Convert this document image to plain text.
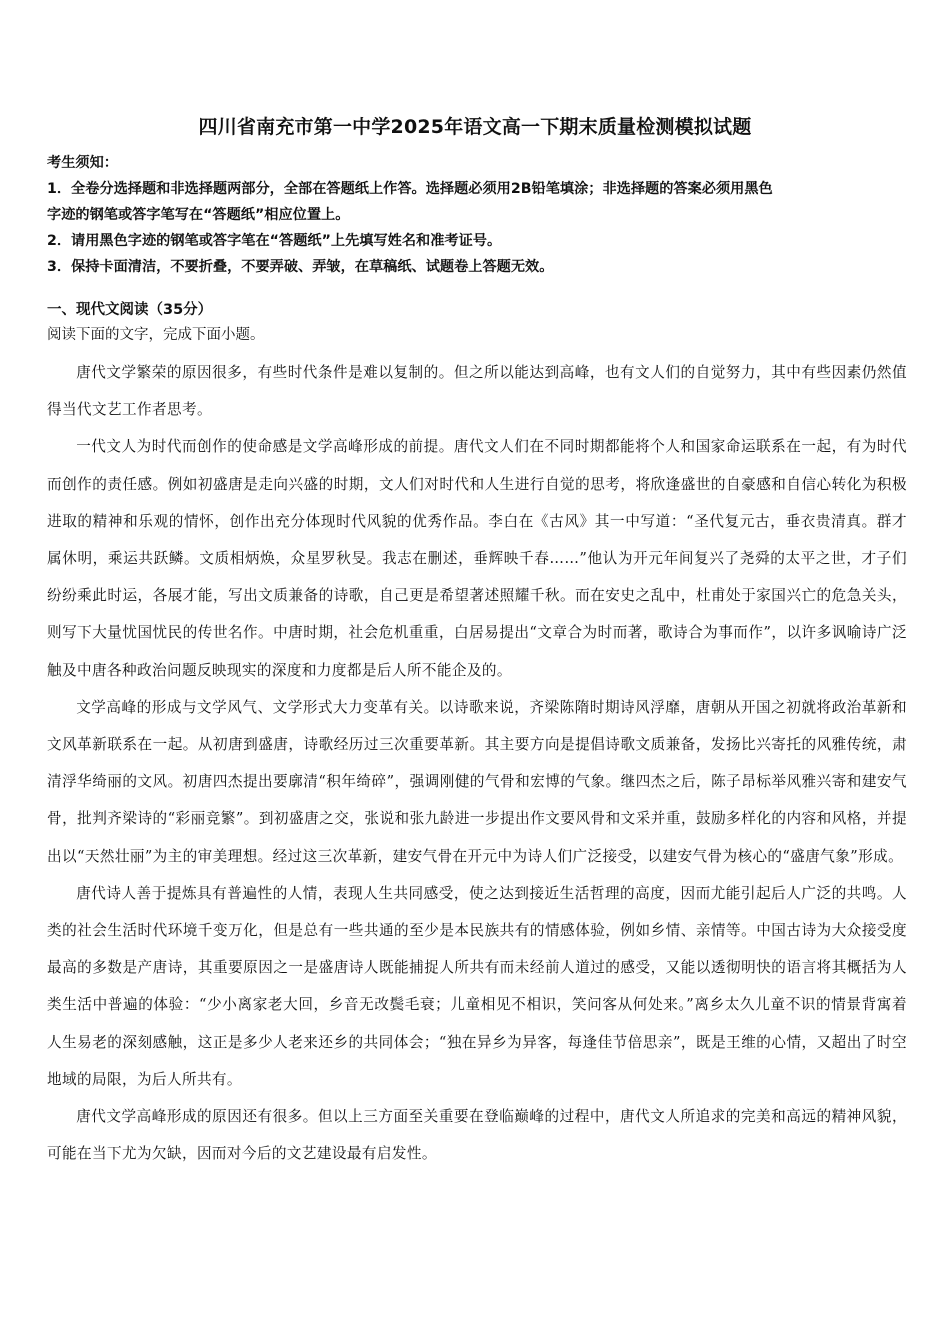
四川省南充市第一中学2025年语文高一下期末质量检测模拟试题
考生须知：
1．全卷分选择题和非选择题两部分，全部在答题纸上作答。选择题必须用2B铅笔填涂；非选择题的答案必须用黑色
字迹的钢笔或答字笔写在“答题纸”相应位置上。
2．请用黑色字迹的钢笔或答字笔在“答题纸”上先填写姓名和准考证号。
3．保持卡面清洁，不要折叠，不要弄破、弄皱，在草稿纸、试题卷上答题无效。
一、现代文阅读（35分）
阅读下面的文字，完成下面小题。

唐代文学繁荣的原因很多，有些时代条件是难以复制的。但之所以能达到高峰，也有文人们的自觉努力，其中有些因素仍然值得当代文艺工作者思考。

一代文人为时代而创作的使命感是文学高峰形成的前提。唐代文人们在不同时期都能将个人和国家命运联系在一起，有为时代而创作的责任感。例如初盛唐是走向兴盛的时期，文人们对时代和人生进行自觉的思考，将欣逢盛世的自豪感和自信心转化为积极进取的精神和乐观的情怀，创作出充分体现时代风貌的优秀作品。李白在《古风》其一中写道：“圣代复元古，垂衣贵清真。群才属休明，乘运共跃鳞。文质相炳焕，众星罗秋旻。我志在删述，垂辉映千春……”他认为开元年间复兴了尧舜的太平之世，才子们纷纷乘此时运，各展才能，写出文质兼备的诗歌，自己更是希望著述照耀千秋。而在安史之乱中，杜甫处于家国兴亡的危急关头，则写下大量忧国忧民的传世名作。中唐时期，社会危机重重，白居易提出“文章合为时而著，歌诗合为事而作”，以许多讽喻诗广泛触及中唐各种政治问题反映现实的深度和力度都是后人所不能企及的。

文学高峰的形成与文学风气、文学形式大力变革有关。以诗歌来说，齐梁陈隋时期诗风浮靡，唐朝从开国之初就将政治革新和文风革新联系在一起。从初唐到盛唐，诗歌经历过三次重要革新。其主要方向是提倡诗歌文质兼备，发扬比兴寄托的风雅传统，肃清浮华绮丽的文风。初唐四杰提出要廓清“积年绮碎”，强调刚健的气骨和宏博的气象。继四杰之后，陈子昂标举风雅兴寄和建安气骨，批判齐梁诗的“彩丽竞繁”。到初盛唐之交，张说和张九龄进一步提出作文要风骨和文采并重，鼓励多样化的内容和风格，并提出以“天然壮丽”为主的审美理想。经过这三次革新，建安气骨在开元中为诗人们广泛接受，以建安气骨为核心的“盛唐气象”形成。

唐代诗人善于提炼具有普遍性的人情，表现人生共同感受，使之达到接近生活哲理的高度，因而尤能引起后人广泛的共鸣。人类的社会生活时代环境千变万化，但是总有一些共通的至少是本民族共有的情感体验，例如乡情、亲情等。中国古诗为大众接受度最高的多数是产唐诗，其重要原因之一是盛唐诗人既能捕捉人所共有而未经前人道过的感受，又能以透彻明快的语言将其概括为人类生活中普遍的体验：“少小离家老大回，乡音无改鬓毛衰；儿童相见不相识，笑问客从何处来。”离乡太久儿童不识的情景背寓着人生易老的深刻感触，这正是多少人老来还乡的共同体会；“独在异乡为异客，每逢佳节倍思亲”，既是王维的心情，又超出了时空地域的局限，为后人所共有。

唐代文学高峰形成的原因还有很多。但以上三方面至关重要在登临巅峰的过程中，唐代文人所追求的完美和高远的精神风貌，可能在当下尤为欠缺，因而对今后的文艺建设最有启发性。
